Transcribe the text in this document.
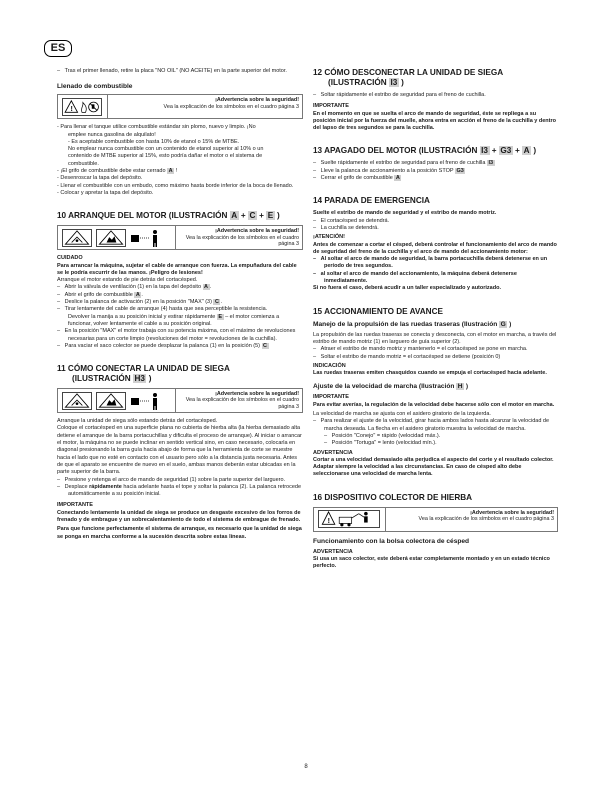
ES

–   Tras el primer llenado, retire la placa "NO OIL" (NO ACEITE) en la parte superior del motor.

Llenado de combustible
!
¡Advertencia sobre la seguridad!
Vea la explicación de los símbolos en el cuadro página 3

- Para llenar el tanque utilice combustible estándar sin plomo, nuevo y limpio. ¡No

emplee nunca gasolina de alquilato!

- Es aceptable combustible con hasta 10% de etanol o 15% de MTBE.

No emplear nunca combustible con un contenido de etanol superior al 10% o un

contenido de MTBE superior al 15%, esto podría dañar el motor o el sistema de

combustible.

- ¡El grifo de combustible debe estar cerrado A !

- Desenroscar la tapa del depósito.

- Llenar el combustible con un embudo, como máximo hasta borde inferior de la boca de llenado.

- Colocar y apretar la tapa del depósito.

10 ARRANQUE DEL MOTOR (ILUSTRACIÓN A + C + E )
¡Advertencia sobre la seguridad!
Vea la explicación de los símbolos en el cuadro página 3

CUIDADO

Para arrancar la máquina, sujetar el cable de arranque con fuerza. La empuñadura del cable se le podría escurrir de las manos. ¡Peligro de lesiones!

Arranque el motor estando de pie detrás del cortacésped.

–   Abrir la válvula de ventilación (1) en la tapa del depósito A .

–   Abrir el grifo de combustible A .

–   Deslice la palanca de activación (2) en la posición "MAX" (3) C .

–   Tirar lentamente del cable de arranque (4) hasta que sea perceptible la resistencia.

Devolver la manija a su posición inicial y estirar rápidamente E – el motor comienza a funcionar, volver lentamente el cable a su posición original.

–   En la posición "MAX" el motor trabaja con su potencia máxima, con el máximo de revoluciones necesarias para un corte limpio (revoluciones del motor = revoluciones de la cuchilla).

–   Para vaciar el saco colector se puede desplazar la palanca (1) en la posición (5) C

11 CÓMO CONECTAR LA UNIDAD DE SIEGA
(ILUSTRACIÓN H3 )
¡Advertencia sobre la seguridad!
Vea la explicación de los símbolos en el cuadro página 3

Arranque la unidad de siega sólo estando detrás del cortacésped.

Coloque el cortacésped en una superficie plana no cubierta de hierba alta (la hierba demasiado alta detiene el arranque de la barra portacuchillas y dificulta el proceso de arranque). Al iniciar o arrancar el motor, la máquina no se puede inclinar en sentido vertical sino, en caso necesario, colocarla en diagonal presionando la barra guía hacia abajo de forma que la herramienta de corte se muestre hacia el lado que no esté en contacto con el usuario pero sólo a la distancia justa necesaria. Antes de que el aparato se encuentre de nuevo en el suelo, ambas manos deberán estar ubicadas en la parte superior de la barra.

–   Presione y retenga el arco de mando de seguridad (1) sobre la parte superior del larguero.

–   Desplace rápidamente hacia adelante hasta el tope y soltar la palanca (2). La palanca retrocede automáticamente a su posición inicial.

IMPORTANTE

Conectando lentamente la unidad de siega se produce un desgaste excesivo de los forros de frenado y de embrague y un sobrecalentamiento de todo el sistema de embrague de frenado.

Para que funcione perfectamente el sistema de arranque, es necesario que la unidad de siega se ponga en marcha conforme a la sucesión descrita sobre estas líneas.

12 CÓMO DESCONECTAR LA UNIDAD DE SIEGA
(ILUSTRACIÓN I3 )

–   Soltar rápidamente el estribo de seguridad para el freno de cuchilla.

IMPORTANTE

En el momento en que se suelta el arco de mando de seguridad, éste se repliega a su posición inicial por la fuerza del muelle, ahora entra en acción el freno de la cuchilla y dentro del lapso de tres segundos se para la cuchilla.

13 APAGADO DEL MOTOR (ILUSTRACIÓN I3 + G3 + A )

–   Suelte rápidamente el estribo de seguridad para el freno de cuchilla I3

–   Lleve la palanca de accionamiento a la posición STOP G3

–   Cerrar el grifo de combustible A

14 PARADA DE EMERGENCIA

Suelte el estribo de mando de seguridad y el estribo de mando motriz.

–   El cortacésped se detendrá.

–   La cuchilla se detendrá.

¡ATENCIÓN!

Antes de comenzar a cortar el césped, deberá controlar el funcionamiento del arco de mando de seguridad del freno de la cuchilla y el arco de mando del accionamiento motor:

–   Al soltar el arco de mando de seguridad, la barra portacuchilla deberá detenerse en un período de tres segundos.

–   al soltar el arco de mando del accionamiento, la máquina deberá detenerse inmediatamente.

Si no fuera el caso, deberá acudir a un taller especializado y autorizado.

15 ACCIONAMIENTO DE AVANCE

Manejo de la propulsión de las ruedas traseras (Ilustración G )

La propulsión de las ruedas traseras se conecta y desconecta, con el motor en marcha, a través del estribo de mando motriz (1) en larguero de guía superior (2).

–   Atraer el estribo de mando motriz y mantenerlo = el cortacésped se pone en marcha.

–   Soltar el estribo de mando motriz = el cortacésped se detiene (posición 0)

INDICACIÓN

Las ruedas traseras emiten chasquidos cuando se empuja el cortacésped hacia adelante.

Ajuste de la velocidad de marcha (Ilustración H )

IMPORTANTE

Para evitar averías, la regulación de la velocidad debe hacerse sólo con el motor en marcha.

La velocidad de marcha se ajusta con el asidero giratorio de la izquierda.

–   Para realizar el ajuste de la velocidad, girar hacia ambos lados hasta alcanzar la velocidad de marcha deseada. La flecha en el asidero giratorio muestra la velocidad de marcha.

–   Posición "Conejo" = rápido (velocidad máx.).

–   Posición "Tortuga" = lento (velocidad mín.).

ADVERTENCIA

Cortar a una velocidad demasiado alta perjudica el aspecto del corte y el resultado colector. Adaptar siempre la velocidad a las circunstancias. En caso de césped alto debe seleccionarse una velocidad de marcha lenta.

16 DISPOSITIVO COLECTOR DE HIERBA
!
¡Advertencia sobre la seguridad!
Vea la explicación de los símbolos en el cuadro página 3

Funcionamiento con la bolsa colectora de césped

ADVERTENCIA

Si usa un saco colector, este deberá estar completamente montado y en un estado técnico perfecto.

8
